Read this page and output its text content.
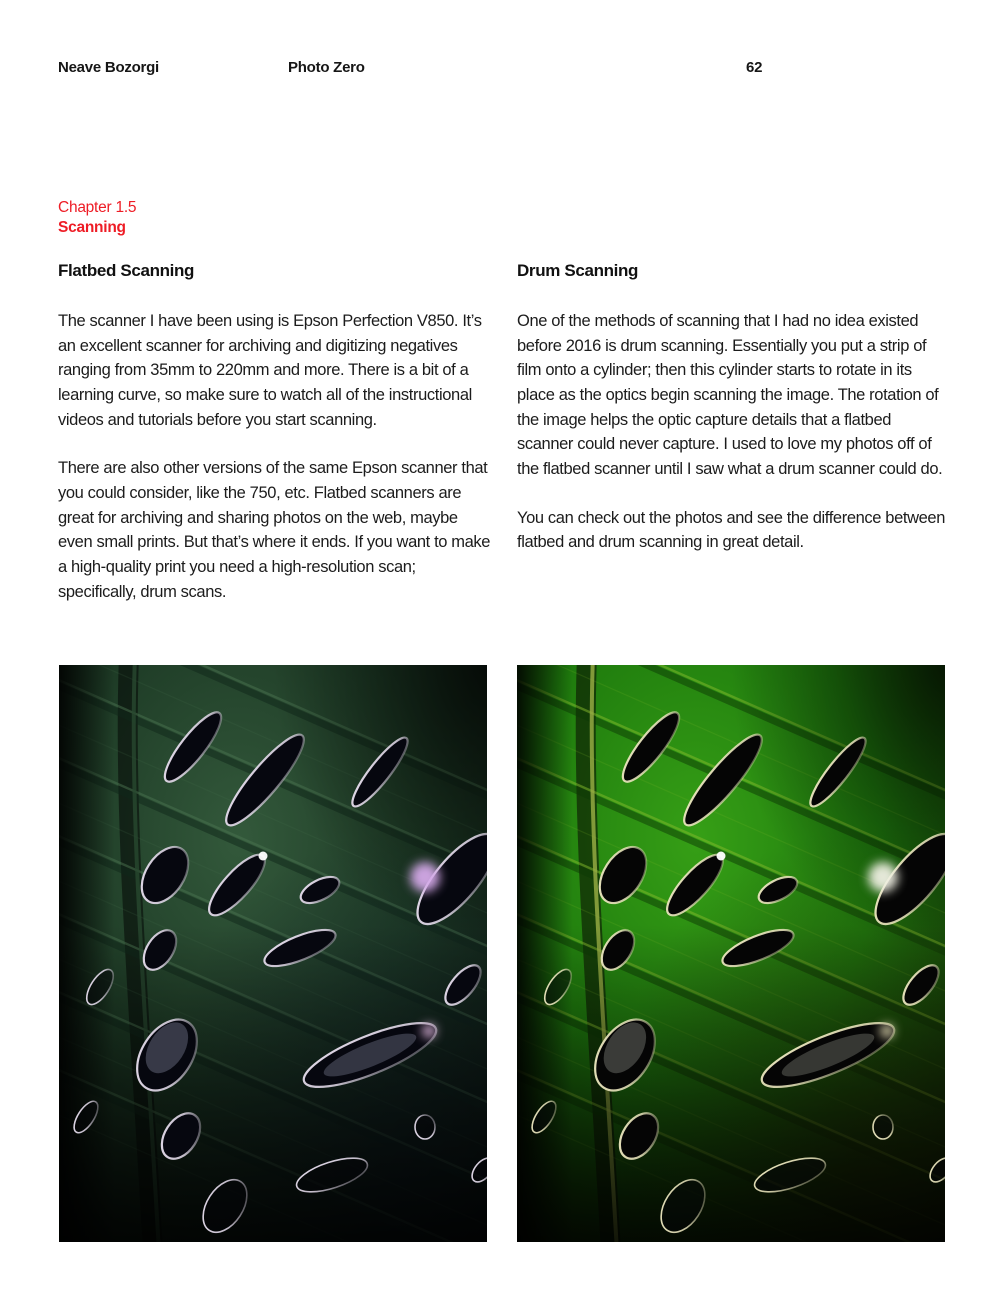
Neave Bozorgi	Photo Zero	62
Chapter 1.5
Scanning
Flatbed Scanning

The scanner I have been using is Epson Perfection V850. It’s an excellent scanner for archiving and digitizing negatives ranging from 35mm to 220mm and more. There is a bit of a learning curve, so make sure to watch all of the instructional videos and tutorials before you start scanning.

There are also other versions of the same Epson scanner that you could consider, like the 750, etc. Flatbed scanners are great for archiving and sharing photos on the web, maybe even small prints. But that’s where it ends. If you want to make a high-quality print you need a high-resolution scan; specifically, drum scans.

Drum Scanning

One of the methods of scanning that I had no idea existed before 2016 is drum scanning. Essentially you put a strip of film onto a cylinder; then this cylinder starts to rotate in its place as the optics begin scanning the image. The rotation of the image helps the optic capture details that a flatbed scanner could never capture. I used to love my photos off of the flatbed scanner until I saw what a drum scanner could do.

You can check out the photos and see the difference between flatbed and drum scanning in great detail.
